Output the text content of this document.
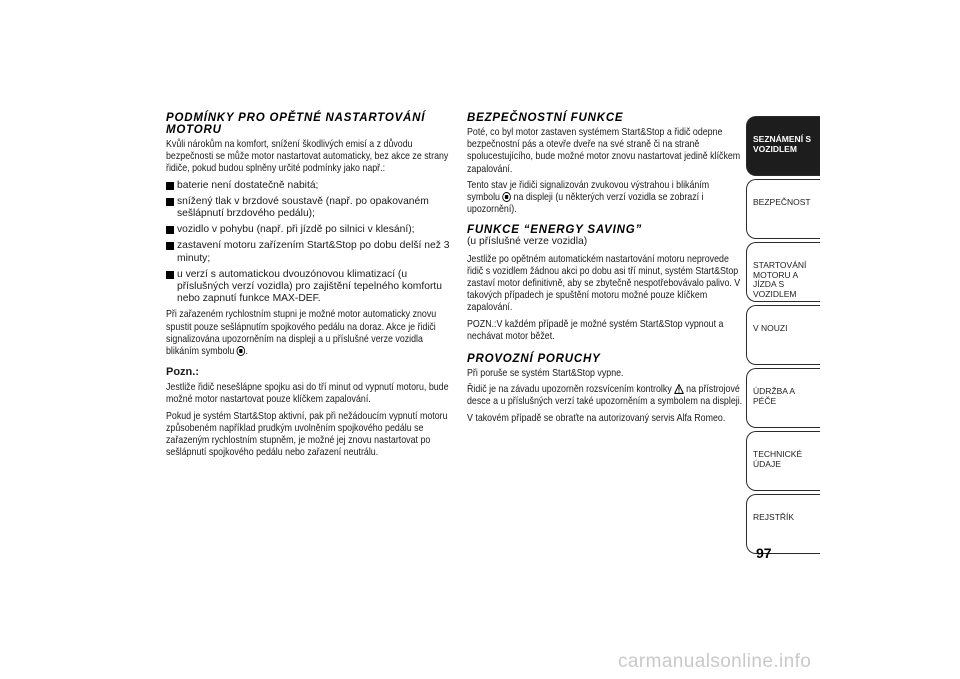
PODMÍNKY PRO OPĚTNÉ NASTARTOVÁNÍ MOTORU
Kvůli nárokům na komfort, snížení škodlivých emisí a z důvodu bezpečnosti se může motor nastartovat automaticky, bez akce ze strany řidiče, pokud budou splněny určité podmínky jako např.:
baterie není dostatečně nabitá;
snížený tlak v brzdové soustavě (např. po opakovaném sešlápnutí brzdového pedálu);
vozidlo v pohybu (např. při jízdě po silnici v klesání);
zastavení motoru zařízením Start&Stop po dobu delší než 3 minuty;
u verzí s automatickou dvouzónovou klimatizací (u příslušných verzí vozidla) pro zajištění tepelného komfortu nebo zapnutí funkce MAX-DEF.
Při zařazeném rychlostním stupni je možné motor automaticky znovu spustit pouze sešlápnutím spojkového pedálu na doraz. Akce je řidiči signalizována upozorněním na displeji a u příslušné verze vozidla blikáním symbolu .
Pozn.:
Jestliže řidič nesešlápne spojku asi do tří minut od vypnutí motoru, bude možné motor nastartovat pouze klíčkem zapalování.
Pokud je systém Start&Stop aktivní, pak při nežádoucím vypnutí motoru způsobeném například prudkým uvolněním spojkového pedálu se zařazeným rychlostním stupněm, je možné jej znovu nastartovat po sešlápnutí spojkového pedálu nebo zařazení neutrálu.
BEZPEČNOSTNÍ FUNKCE
Poté, co byl motor zastaven systémem Start&Stop a řidič odepne bezpečnostní pás a otevře dveře na své straně či na straně spolucestujícího, bude možné motor znovu nastartovat jedině klíčkem zapalování.
Tento stav je řidiči signalizován zvukovou výstrahou i blikáním symbolu na displeji (u některých verzí vozidla se zobrazí i upozornění).
FUNKCE “ENERGY SAVING”
(u příslušné verze vozidla)
Jestliže po opětném automatickém nastartování motoru neprovede řidič s vozidlem žádnou akci po dobu asi tří minut, systém Start&Stop zastaví motor definitivně, aby se zbytečně nespotřebovávalo palivo. V takových případech je spuštění motoru možné pouze klíčkem zapalování.
POZN.:V každém případě je možné systém Start&Stop vypnout a nechávat motor běžet.
PROVOZNÍ PORUCHY
Při poruše se systém Start&Stop vypne.
Řidič je na závadu upozorněn rozsvícením kontrolky na přístrojové desce a u příslušných verzí také upozorněním a symbolem na displeji.
V takovém případě se obraťte na autorizovaný servis Alfa Romeo.
SEZNÁMENÍ S VOZIDLEM
BEZPEČNOST
STARTOVÁNÍ MOTORU A JÍZDA S VOZIDLEM
V NOUZI
ÚDRŽBA A PÉČE
TECHNICKÉ ÚDAJE
REJSTŘÍK
97
carmanualsonline.info
